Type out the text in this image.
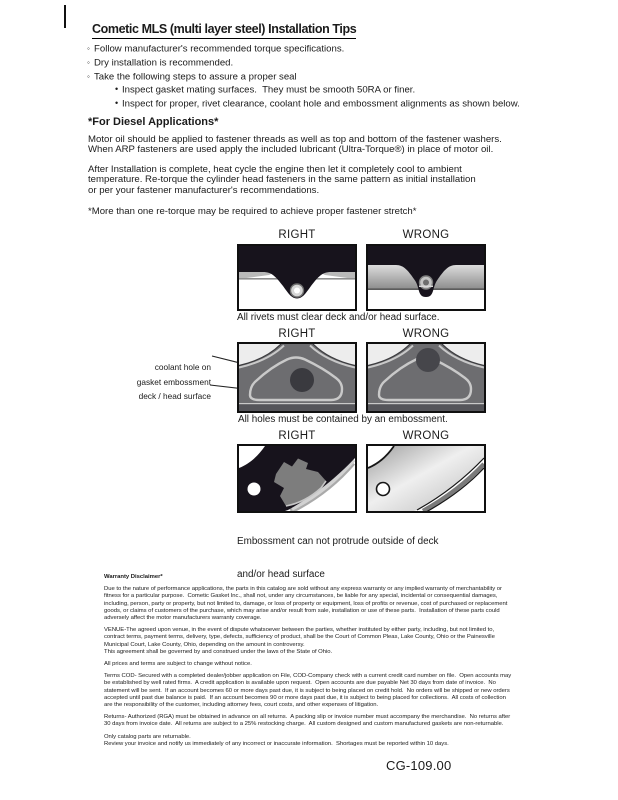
Cometic MLS (multi layer steel) Installation Tips
◦ Follow manufacturer's recommended torque specifications.
◦ Dry installation is recommended.
◦ Take the following steps to assure a proper seal
• Inspect gasket mating surfaces.  They must be smooth 50RA or finer.
• Inspect for proper, rivet clearance, coolant hole and embossment alignments as shown below.
*For Diesel Applications*
Motor oil should be applied to fastener threads as well as top and bottom of the fastener washers.
When ARP fasteners are used apply the included lubricant (Ultra-Torque®) in place of motor oil.
After Installation is complete, heat cycle the engine then let it completely cool to ambient
temperature. Re-torque the cylinder head fasteners in the same pattern as initial installation
or per your fastener manufacturer's recommendations.
*More than one re-torque may be required to achieve proper fastener stretch*
RIGHT	WRONG
All rivets must clear deck and/or head surface.
RIGHT	WRONG

coolant hole on

deck / head surface

gasket embossment
All holes must be contained by an embossment.
RIGHT	WRONG

Embossment can not protrude outside of deck

and/or head surface

Warranty Disclaimer*

Due to the nature of performance applications, the parts in this catalog are sold without any express warranty or any implied warranty of merchantability or
fitness for a particular purpose.  Cometic Gasket Inc., shall not, under any circumstances, be liable for any special, incidental or consequential damages,
including, person, party or property, but not limited to, damage, or loss of property or equipment, loss of profits or revenue, cost of purchased or replacement
goods, or claims of customers of the purchase, which may arise and/or result from sale, installation or use of these parts.  Installation of these parts could
adversely affect the motor manufacturers warranty coverage.

VENUE-The agreed upon venue, in the event of dispute whatsoever between the parties, whether instituted by either party, including, but not limited to,
contract terms, payment terms, delivery, type, defects, sufficiency of product, shall be the Court of Common Pleas, Lake County, Ohio or the Painesville
Municipal Court, Lake County, Ohio, depending on the amount in controversy.
This agreement shall be governed by and construed under the laws of the State of Ohio.

All prices and terms are subject to change without notice.

Terms COD- Secured with a completed dealer/jobber application on File, COD-Company check with a current credit card number on file.  Open accounts may
be established by well rated firms.  A credit application is available upon request.  Open accounts are due payable Net 30 days from date of invoice.  No
statement will be sent.  If an account becomes 60 or more days past due, it is subject to being placed on credit hold.  No orders will be shipped or new orders
accepted until past due balance is paid.  If an account becomes 90 or more days past due, it is subject to being placed for collections.  All costs of collection
are the responsibility of the customer, including attorney fees, court costs, and other expenses of litigation.

Returns- Authorized (RGA) must be obtained in advance on all returns.  A packing slip or invoice number must accompany the merchandise.  No returns after
30 days from invoice date.  All returns are subject to a 25% restocking charge.  All custom designed and custom manufactured gaskets are non-returnable.

Only catalog parts are returnable.
Review your invoice and notify us immediately of any incorrect or inaccurate information.  Shortages must be reported within 10 days.

CG-109.00
